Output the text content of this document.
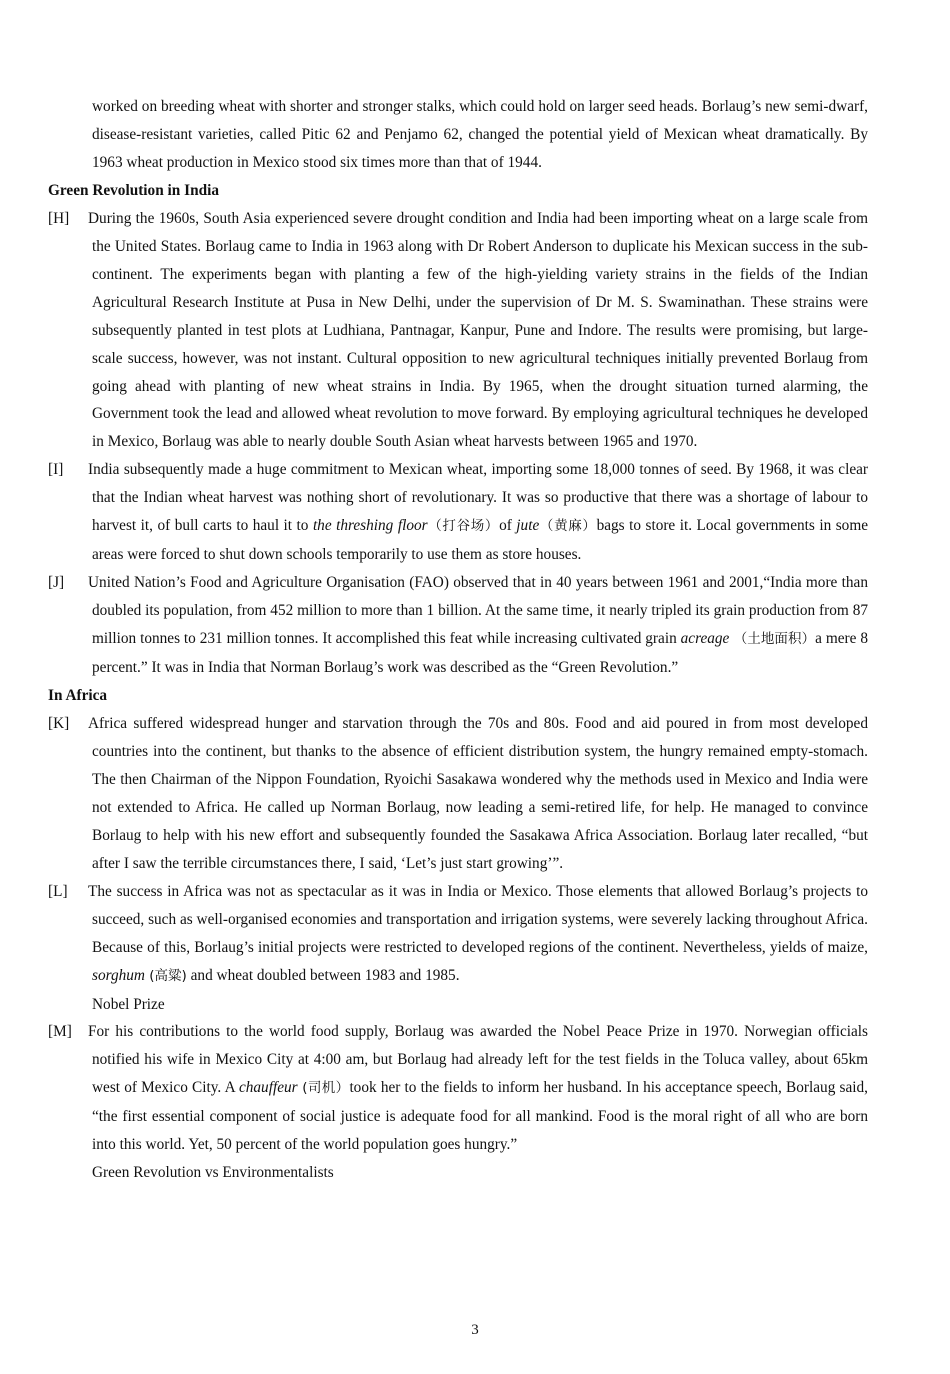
worked on breeding wheat with shorter and stronger stalks, which could hold on larger seed heads. Borlaug’s new semi-dwarf, disease-resistant varieties, called Pitic 62 and Penjamo 62, changed the potential yield of Mexican wheat dramatically. By 1963 wheat production in Mexico stood six times more than that of 1944.

Green Revolution in India

[H] During the 1960s, South Asia experienced severe drought condition and India had been importing wheat on a large scale from the United States. Borlaug came to India in 1963 along with Dr Robert Anderson to duplicate his Mexican success in the sub-continent. The experiments began with planting a few of the high-yielding variety strains in the fields of the Indian Agricultural Research Institute at Pusa in New Delhi, under the supervision of Dr M. S. Swaminathan. These strains were subsequently planted in test plots at Ludhiana, Pantnagar, Kanpur, Pune and Indore. The results were promising, but large-scale success, however, was not instant. Cultural opposition to new agricultural techniques initially prevented Borlaug from going ahead with planting of new wheat strains in India. By 1965, when the drought situation turned alarming, the Government took the lead and allowed wheat revolution to move forward. By employing agricultural techniques he developed in Mexico, Borlaug was able to nearly double South Asian wheat harvests between 1965 and 1970.

[I] India subsequently made a huge commitment to Mexican wheat, importing some 18,000 tonnes of seed. By 1968, it was clear that the Indian wheat harvest was nothing short of revolutionary. It was so productive that there was a shortage of labour to harvest it, of bull carts to haul it to the threshing floor（打谷场）of jute（黄麻）bags to store it. Local governments in some areas were forced to shut down schools temporarily to use them as store houses.

[J] United Nation’s Food and Agriculture Organisation (FAO) observed that in 40 years between 1961 and 2001,“India more than doubled its population, from 452 million to more than 1 billion. At the same time, it nearly tripled its grain production from 87 million tonnes to 231 million tonnes. It accomplished this feat while increasing cultivated grain acreage （土地面积）a mere 8 percent.” It was in India that Norman Borlaug’s work was described as the “Green Revolution.”

In Africa

[K] Africa suffered widespread hunger and starvation through the 70s and 80s. Food and aid poured in from most developed countries into the continent, but thanks to the absence of efficient distribution system, the hungry remained empty-stomach. The then Chairman of the Nippon Foundation, Ryoichi Sasakawa wondered why the methods used in Mexico and India were not extended to Africa. He called up Norman Borlaug, now leading a semi-retired life, for help. He managed to convince Borlaug to help with his new effort and subsequently founded the Sasakawa Africa Association. Borlaug later recalled, “but after I saw the terrible circumstances there, I said, ‘Let’s just start growing’”.

[L] The success in Africa was not as spectacular as it was in India or Mexico. Those elements that allowed Borlaug’s projects to succeed, such as well-organised economies and transportation and irrigation systems, were severely lacking throughout Africa. Because of this, Borlaug’s initial projects were restricted to developed regions of the continent. Nevertheless, yields of maize, sorghum (高粱) and wheat doubled between 1983 and 1985.

Nobel Prize

[M] For his contributions to the world food supply, Borlaug was awarded the Nobel Peace Prize in 1970. Norwegian officials notified his wife in Mexico City at 4:00 am, but Borlaug had already left for the test fields in the Toluca valley, about 65km west of Mexico City. A chauffeur (司机）took her to the fields to inform her husband. In his acceptance speech, Borlaug said, “the first essential component of social justice is adequate food for all mankind. Food is the moral right of all who are born into this world. Yet, 50 percent of the world population goes hungry.”

Green Revolution vs Environmentalists

3
